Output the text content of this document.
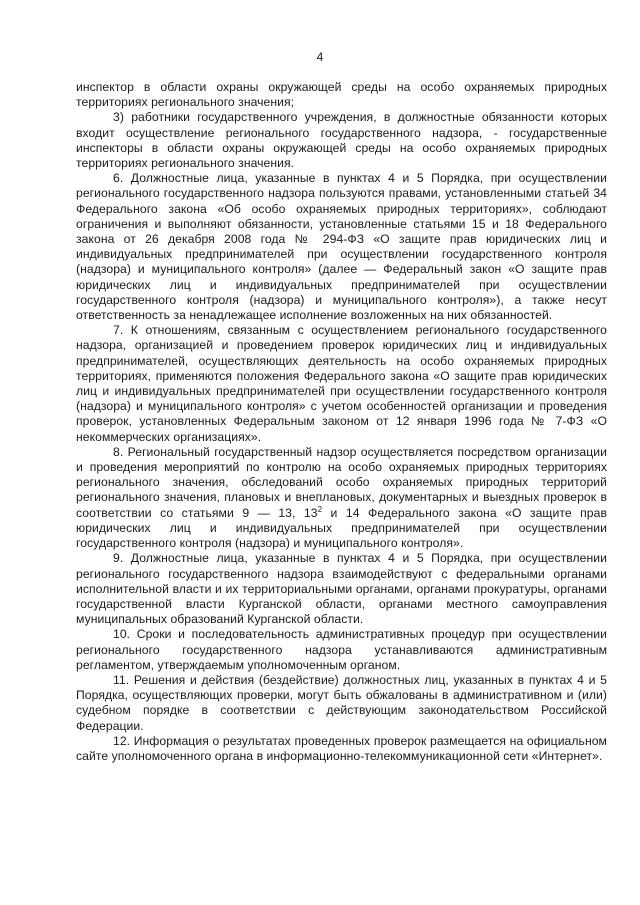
4

инспектор в области охраны окружающей среды на особо охраняемых природных территориях регионального значения;

3) работники государственного учреждения, в должностные обязанности которых входит осуществление регионального государственного надзора, - государственные инспекторы в области охраны окружающей среды на особо охраняемых природных территориях регионального значения.

6. Должностные лица, указанные в пунктах 4 и 5 Порядка, при осуществлении регионального государственного надзора пользуются правами, установленными статьей 34 Федерального закона «Об особо охраняемых природных территориях», соблюдают ограничения и выполняют обязанности, установленные статьями 15 и 18 Федерального закона от 26 декабря 2008 года № 294-ФЗ «О защите прав юридических лиц и индивидуальных предпринимателей при осуществлении государственного контроля (надзора) и муниципального контроля» (далее — Федеральный закон «О защите прав юридических лиц и индивидуальных предпринимателей при осуществлении государственного контроля (надзора) и муниципального контроля»), а также несут ответственность за ненадлежащее исполнение возложенных на них обязанностей.

7. К отношениям, связанным с осуществлением регионального государственного надзора, организацией и проведением проверок юридических лиц и индивидуальных предпринимателей, осуществляющих деятельность на особо охраняемых природных территориях, применяются положения Федерального закона «О защите прав юридических лиц и индивидуальных предпринимателей при осуществлении государственного контроля (надзора) и муниципального контроля» с учетом особенностей организации и проведения проверок, установленных Федеральным законом от 12 января 1996 года № 7-ФЗ «О некоммерческих организациях».

8. Региональный государственный надзор осуществляется посредством организации и проведения мероприятий по контролю на особо охраняемых природных территориях регионального значения, обследований особо охраняемых природных территорий регионального значения, плановых и внеплановых, документарных и выездных проверок в соответствии со статьями 9 — 13, $13^2$ и 14 Федерального закона «О защите прав юридических лиц и индивидуальных предпринимателей при осуществлении государственного контроля (надзора) и муниципального контроля».

9. Должностные лица, указанные в пунктах 4 и 5 Порядка, при осуществлении регионального государственного надзора взаимодействуют с федеральными органами исполнительной власти и их территориальными органами, органами прокуратуры, органами государственной власти Курганской области, органами местного самоуправления муниципальных образований Курганской области.

10. Сроки и последовательность административных процедур при осуществлении регионального государственного надзора устанавливаются административным регламентом, утверждаемым уполномоченным органом.

11. Решения и действия (бездействие) должностных лиц, указанных в пунктах 4 и 5 Порядка, осуществляющих проверки, могут быть обжалованы в административном и (или) судебном порядке в соответствии с действующим законодательством Российской Федерации.

12. Информация о результатах проведенных проверок размещается на официальном сайте уполномоченного органа в информационно-телекоммуникационной сети «Интернет».
